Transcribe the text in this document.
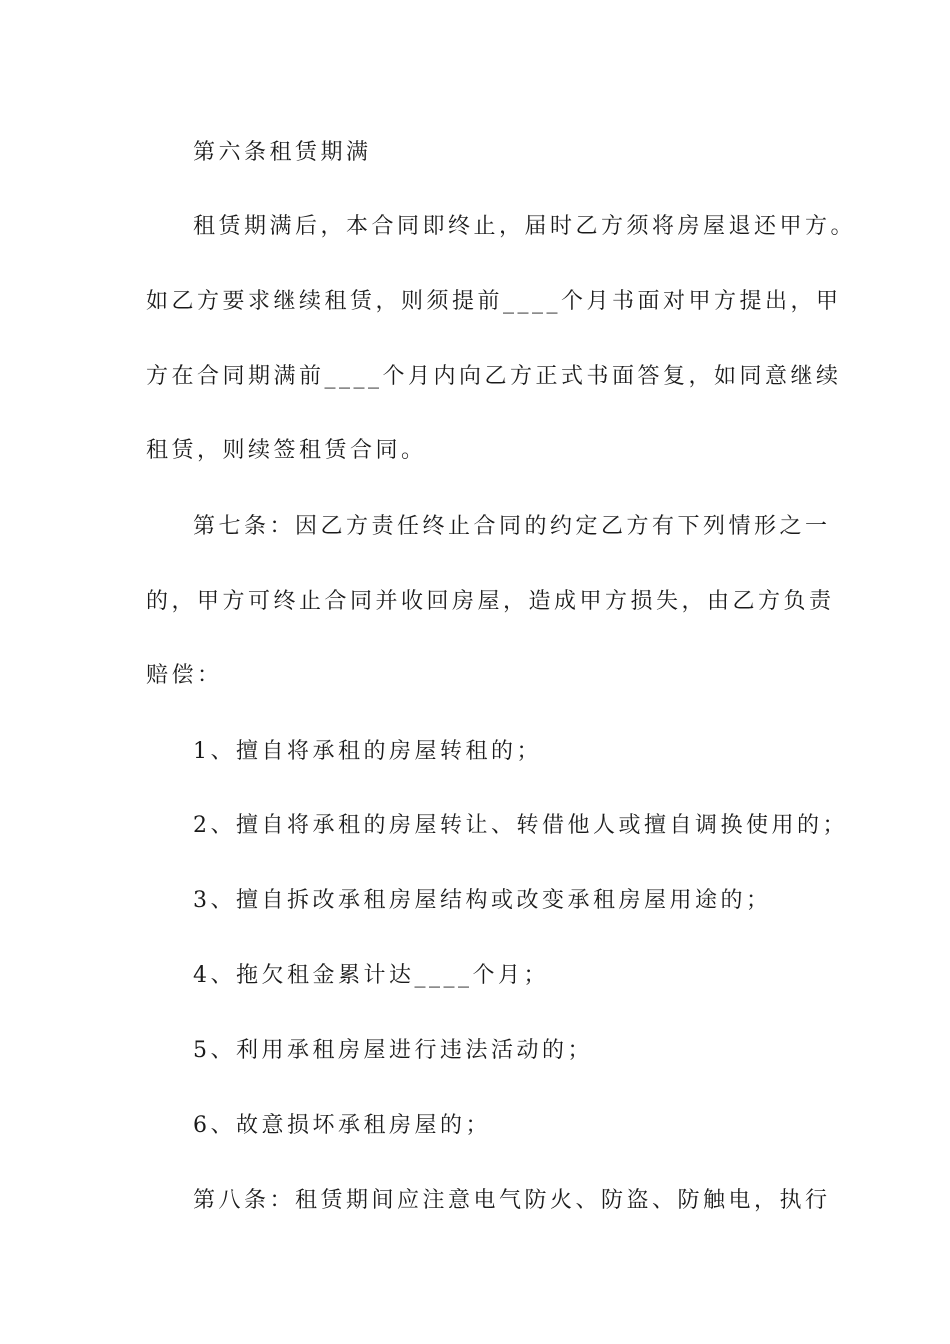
第六条租赁期满
租赁期满后，本合同即终止，届时乙方须将房屋退还甲方。
如乙方要求继续租赁，则须提前____个月书面对甲方提出，甲
方在合同期满前____个月内向乙方正式书面答复，如同意继续
租赁，则续签租赁合同。
第七条：因乙方责任终止合同的约定乙方有下列情形之一
的，甲方可终止合同并收回房屋，造成甲方损失，由乙方负责
赔偿：
1、擅自将承租的房屋转租的；
2、擅自将承租的房屋转让、转借他人或擅自调换使用的；
3、擅自拆改承租房屋结构或改变承租房屋用途的；
4、拖欠租金累计达____个月；
5、利用承租房屋进行违法活动的；
6、故意损坏承租房屋的；
第八条：租赁期间应注意电气防火、防盗、防触电，执行
